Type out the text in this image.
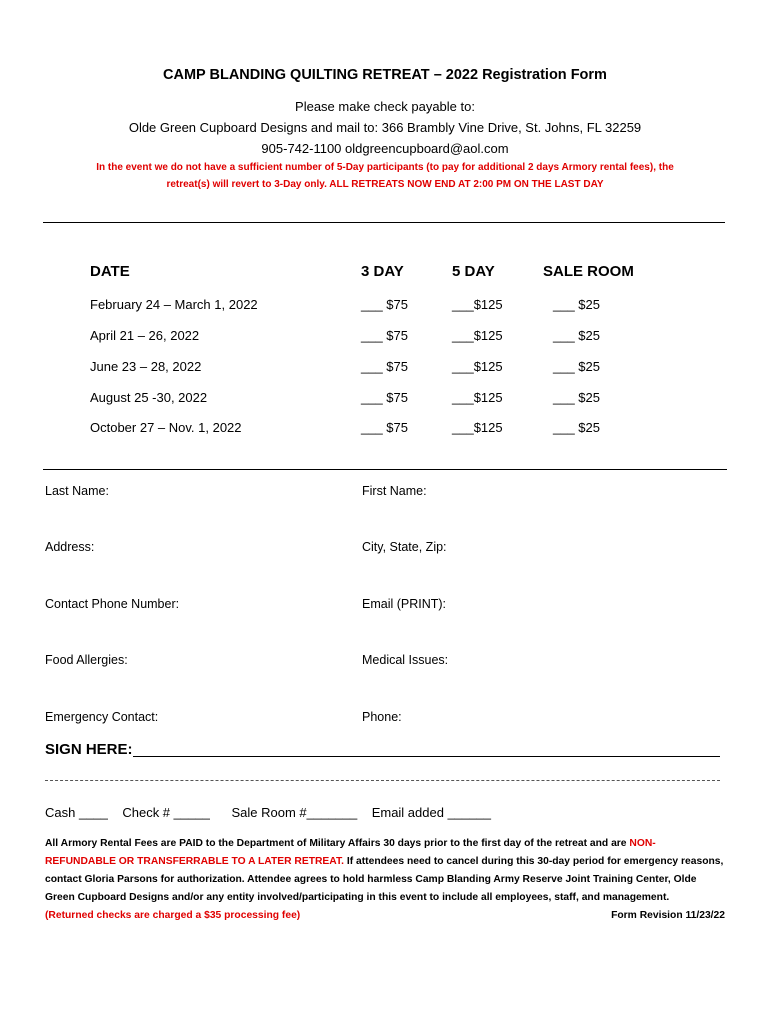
CAMP BLANDING QUILTING RETREAT – 2022 Registration Form
Please make check payable to:
Olde Green Cupboard Designs and mail to: 366 Brambly Vine Drive, St. Johns, FL 32259
905-742-1100 oldgreencupboard@aol.com
In the event we do not have a sufficient number of 5-Day participants (to pay for additional 2 days Armory rental fees), the
retreat(s) will revert to 3-Day only. ALL RETREATS NOW END AT 2:00 PM ON THE LAST DAY
DATE	3 DAY	5 DAY	SALE ROOM
February 24 – March 1, 2022	___ $75	___$125	___ $25
April 21 – 26, 2022	___ $75	___$125	___ $25
June 23 – 28, 2022	___ $75	___$125	___ $25
August 25 -30, 2022	___ $75	___$125	___ $25
October 27 – Nov. 1, 2022	___ $75	___$125	___ $25
Last Name:	First Name:
Address:	City, State, Zip:
Contact Phone Number:	Email (PRINT):
Food Allergies:	Medical Issues:
Emergency Contact:	Phone:
SIGN HERE:
Cash ____ Check # _____ Sale Room #_______ Email added ______

All Armory Rental Fees are PAID to the Department of Military Affairs 30 days prior to the first day of the retreat and are NON-REFUNDABLE OR TRANSFERRABLE TO A LATER RETREAT. If attendees need to cancel during this 30-day period for emergency reasons, contact Gloria Parsons for authorization. Attendee agrees to hold harmless Camp Blanding Army Reserve Joint Training Center, Olde Green Cupboard Designs and/or any entity involved/participating in this event to include all employees, staff, and management.     (Returned checks are charged a $35 processing fee)	Form Revision 11/23/22
